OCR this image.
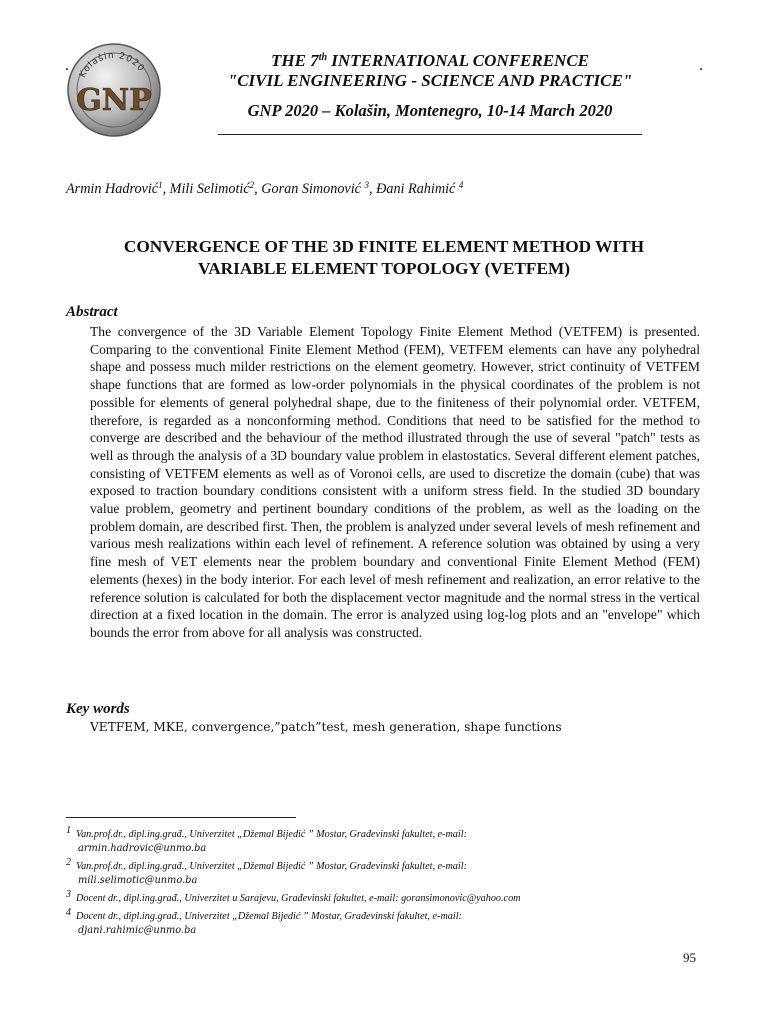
Kolašin 2020
GNP
THE 7th INTERNATIONAL CONFERENCE
"CIVIL ENGINEERING - SCIENCE AND PRACTICE"
GNP 2020 – Kolašin, Montenegro, 10-14 March 2020
Armin Hadrović$^1$, Mili Selimotić$^2$, Goran Simonović $^3$, Đani Rahimić $^4$
CONVERGENCE OF THE 3D FINITE ELEMENT METHOD WITH
VARIABLE ELEMENT TOPOLOGY (VETFEM)
Abstract

The convergence of the 3D Variable Element Topology Finite Element Method (VETFEM) is presented. Comparing to the conventional Finite Element Method (FEM), VETFEM elements can have any polyhedral shape and possess much milder restrictions on the element geometry. However, strict continuity of VETFEM shape functions that are formed as low-order polynomials in the physical coordinates of the problem is not possible for elements of general polyhedral shape, due to the finiteness of their polynomial order. VETFEM, therefore, is regarded as a nonconforming method. Conditions that need to be satisfied for the method to converge are described and the behaviour of the method illustrated through the use of several "patch" tests as well as through the analysis of a 3D boundary value problem in elastostatics. Several different element patches, consisting of VETFEM elements as well as of Voronoi cells, are used to discretize the domain (cube) that was exposed to traction boundary conditions consistent with a uniform stress field. In the studied 3D boundary value problem, geometry and pertinent boundary conditions of the problem, as well as the loading on the problem domain, are described first. Then, the problem is analyzed under several levels of mesh refinement and various mesh realizations within each level of refinement. A reference solution was obtained by using a very fine mesh of VET elements near the problem boundary and conventional Finite Element Method (FEM) elements (hexes) in the body interior. For each level of mesh refinement and realization, an error relative to the reference solution is calculated for both the displacement vector magnitude and the normal stress in the vertical direction at a fixed location in the domain. The error is analyzed using log-log plots and an "envelope" which bounds the error from above for all analysis was constructed.

Key words
VETFEM, MKE, convergence,”patch”test, mesh generation, shape functions
1 Van.prof.dr., dipl.ing.građ., Univerzitet „Džemal Bijedić ” Mostar, Građevinski fakultet, e-mail:
armin.hadrovic@unmo.ba
2 Van.prof.dr., dipl.ing.građ., Univerzitet „Džemal Bijedić ” Mostar, Građevinski fakultet, e-mail:
mili.selimotic@unmo.ba
3 Docent dr., dipl.ing.građ., Univerzitet u Sarajevu, Građevinski fakultet, e-mail: goransimonovic@yahoo.com
4 Docent dr., dipl.ing.građ., Univerzitet „Džemal Bijedić ” Mostar, Građevinski fakultet, e-mail:
djani.rahimic@unmo.ba
95
